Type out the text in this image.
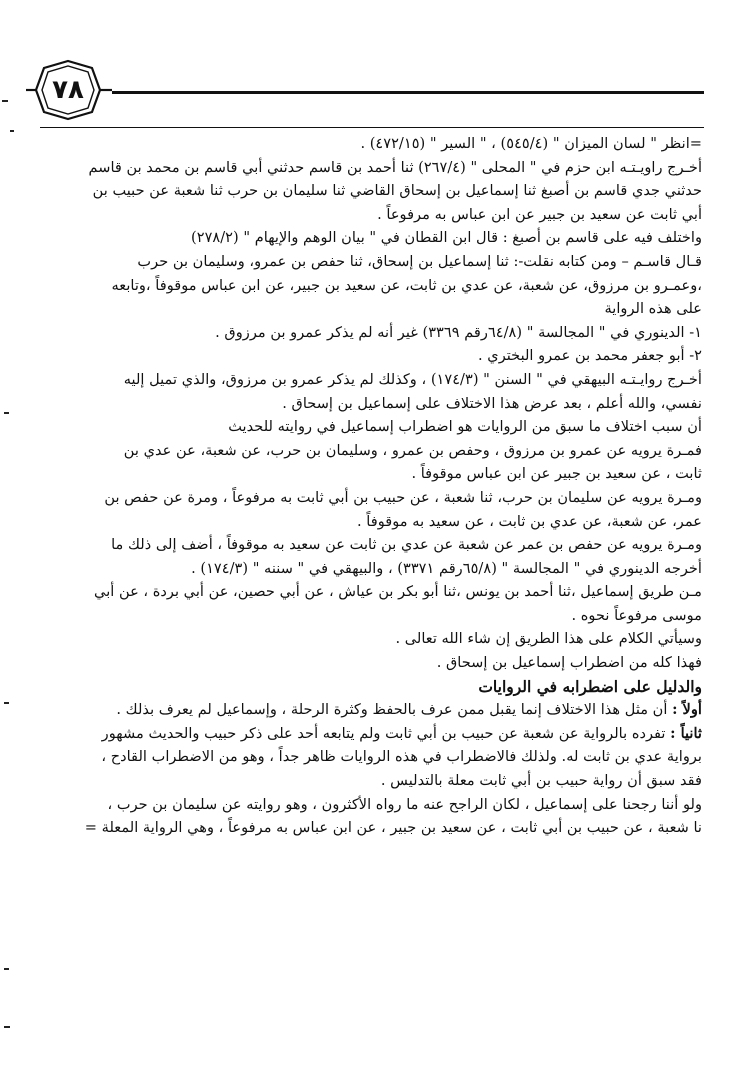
٧٨
=انظر " لسان الميزان " (٥٤٥/٤) ، " السير " (٤٧٢/١٥) .
أخـرج راويـتـه ابن حزم في " المحلى " (٢٦٧/٤) ثنا أحمد بن قاسم حدثني أبي قاسم بن محمد بن قاسم
حدثني جدي قاسم بن أصبغ ثنا إسماعيل بن إسحاق القاضي ثنا سليمان بن حرب ثنا شعبة عن حبيب بن
أبي ثابت عن سعيد بن جبير عن ابن عباس به مرفوعاً .
واختلف فيه على قاسم بن أصبغ : قال ابن القطان في " بيان الوهم والإيهام " (٢٧٨/٢)
قـال قاسـم – ومن كتابه نقلت-: ثنا إسماعيل بن إسحاق، ثنا حفص بن عمرو، وسليمان بن حرب
،وعمـرو بن مرزوق، عن شعبة، عن عدي بن ثابت، عن سعيد بن جبير، عن ابن عباس موقوفاً ،وتابعه
على هذه الرواية
١- الدينوري في " المجالسة " (٦٤/٨رقم ٣٣٦٩) غير أنه لم يذكر عمرو بن مرزوق .
٢- أبو جعفر محمد بن عمرو البختري .
أخـرج روايـتـه البيهقي في " السنن " (١٧٤/٣) ، وكذلك لم يذكر عمرو بن مرزوق، والذي تميل إليه
نفسي، والله أعلم ، بعد عرض هذا الاختلاف على إسماعيل بن إسحاق .
أن سبب اختلاف ما سبق من الروايات هو اضطراب إسماعيل في روايته للحديث
فمـرة يرويه عن عمرو بن مرزوق ، وحفص بن عمرو ، وسليمان بن حرب، عن شعبة، عن عدي بن
ثابت ، عن سعيد بن جبير عن ابن عباس موقوفاً .
ومـرة يرويه عن سليمان بن حرب، ثنا شعبة ، عن حبيب بن أبي ثابت به مرفوعاً ، ومرة عن حفص بن
عمر، عن شعبة، عن عدي بن ثابت ، عن سعيد به موقوفاً .
ومـرة يرويه عن حفص بن عمر عن شعبة عن عدي بن ثابت عن سعيد به موقوفاً ، أضف إلى ذلك ما
أخرجه الدينوري في " المجالسة " (٦٥/٨رقم ٣٣٧١) ، والبيهقي في " سننه " (١٧٤/٣) .
مـن طريق إسماعيل ،ثنا أحمد بن يونس ،ثنا أبو بكر بن عياش ، عن أبي حصين، عن أبي بردة ، عن أبي
موسى مرفوعاً نحوه .
وسيأتي الكلام على هذا الطريق إن شاء الله تعالى .
فهذا كله من اضطراب إسماعيل بن إسحاق .
والدليل على اضطرابه في الروايات
أولاً : أن مثل هذا الاختلاف إنما يقبل ممن عرف بالحفظ وكثرة الرحلة ، وإسماعيل لم يعرف بذلك .
ثانياً : تفرده بالرواية عن شعبة عن حبيب بن أبي ثابت ولم يتابعه أحد على ذكر حبيب والحديث مشهور
برواية عدي بن ثابت له. ولذلك فالاضطراب في هذه الروايات ظاهر جداً ، وهو من الاضطراب القادح ،
فقد سبق أن رواية حبيب بن أبي ثابت معلة بالتدليس .
ولو أننا رجحنا على إسماعيل ، لكان الراجح عنه ما رواه الأكثرون ، وهو روايته عن سليمان بن حرب ،
نا شعبة ، عن حبيب بن أبي ثابت ، عن سعيد بن جبير ، عن ابن عباس به مرفوعاً ، وهي الرواية المعلة =
